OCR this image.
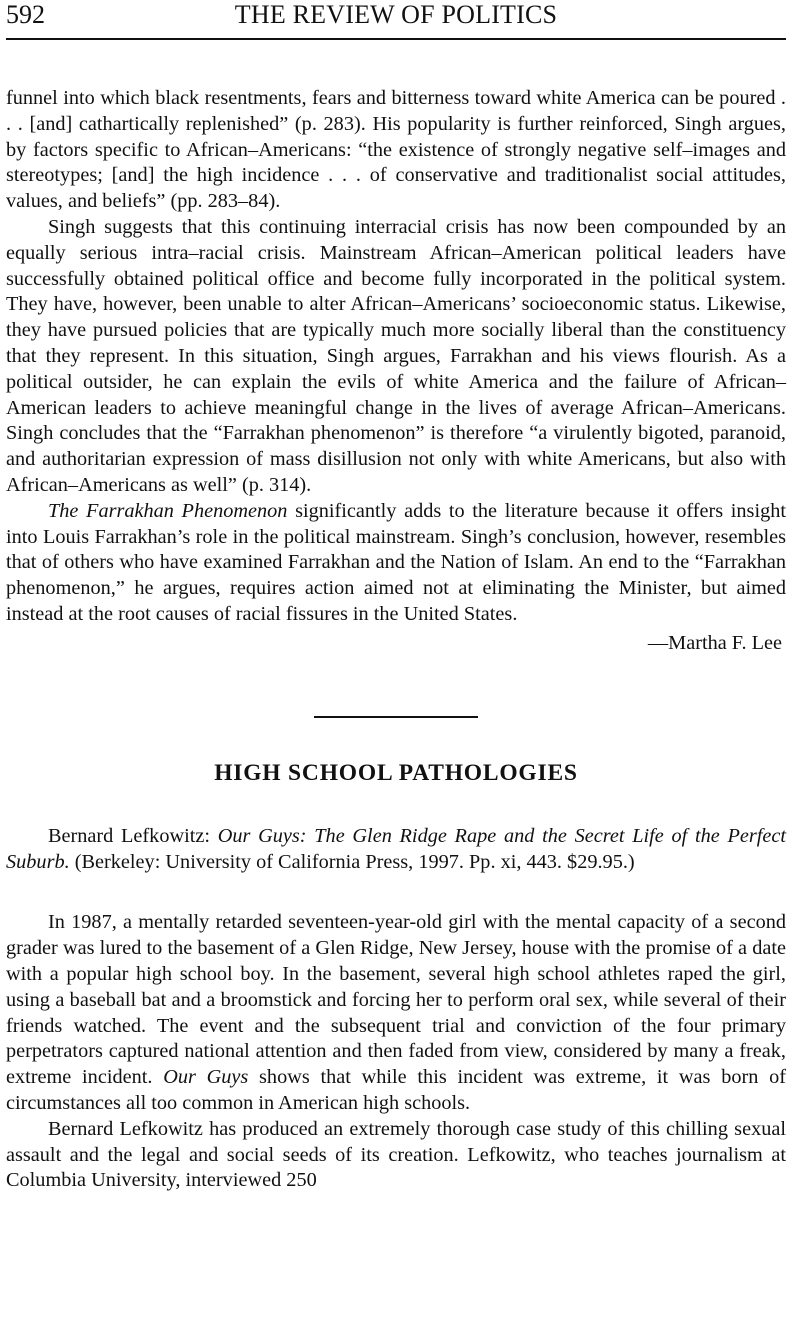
592	THE REVIEW OF POLITICS

funnel into which black resentments, fears and bitterness toward white America can be poured . . . [and] cathartically replenished” (p. 283). His popularity is further reinforced, Singh argues, by factors specific to African–Americans: “the existence of strongly negative self–images and stereotypes; [and] the high incidence . . . of conservative and traditionalist social attitudes, values, and beliefs” (pp. 283–84).

Singh suggests that this continuing interracial crisis has now been compounded by an equally serious intra–racial crisis. Mainstream African–American political leaders have successfully obtained political office and become fully incorporated in the political system. They have, however, been unable to alter African–Americans’ socioeconomic status. Likewise, they have pursued policies that are typically much more socially liberal than the constituency that they represent. In this situation, Singh argues, Farrakhan and his views flourish. As a political outsider, he can explain the evils of white America and the failure of African–American leaders to achieve meaningful change in the lives of average African–Americans. Singh concludes that the “Farrakhan phenomenon” is therefore “a virulently bigoted, paranoid, and authoritarian expression of mass disillusion not only with white Americans, but also with African–Americans as well” (p. 314).

The Farrakhan Phenomenon significantly adds to the literature because it offers insight into Louis Farrakhan’s role in the political mainstream. Singh’s conclusion, however, resembles that of others who have examined Farrakhan and the Nation of Islam. An end to the “Farrakhan phenomenon,” he argues, requires action aimed not at eliminating the Minister, but aimed instead at the root causes of racial fissures in the United States.

—Martha F. Lee
HIGH SCHOOL PATHOLOGIES
Bernard Lefkowitz: Our Guys: The Glen Ridge Rape and the Secret Life of the Perfect Suburb. (Berkeley: University of California Press, 1997. Pp. xi, 443. $29.95.)

In 1987, a mentally retarded seventeen-year-old girl with the mental capacity of a second grader was lured to the basement of a Glen Ridge, New Jersey, house with the promise of a date with a popular high school boy. In the basement, several high school athletes raped the girl, using a baseball bat and a broomstick and forcing her to perform oral sex, while several of their friends watched. The event and the subsequent trial and conviction of the four primary perpetrators captured national attention and then faded from view, considered by many a freak, extreme incident. Our Guys shows that while this incident was extreme, it was born of circumstances all too common in American high schools.

Bernard Lefkowitz has produced an extremely thorough case study of this chilling sexual assault and the legal and social seeds of its creation. Lefkowitz, who teaches journalism at Columbia University, interviewed 250
